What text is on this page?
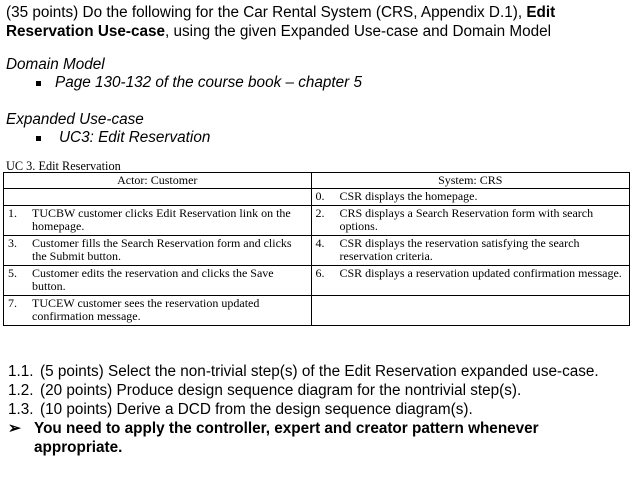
(35 points) Do the following for the Car Rental System (CRS, Appendix D.1), Edit Reservation Use-case, using the given Expanded Use-case and Domain Model
Domain Model
Page 130-132 of the course book – chapter 5
Expanded Use-case
UC3: Edit Reservation
UC 3. Edit Reservation
Actor: Customer	System: CRS

	0. CSR displays the homepage.

1. TUCBW customer clicks Edit Reservation link on the homepage.	2. CRS displays a Search Reservation form with search options.

3. Customer fills the Search Reservation form and clicks the Submit button.	4. CSR displays the reservation satisfying the search reservation criteria.

5. Customer edits the reservation and clicks the Save button.	6. CSR displays a reservation updated confirmation message.

7. TUCEW customer sees the reservation updated confirmation message.	

1.1. (5 points) Select the non-trivial step(s) of the Edit Reservation expanded use-case.
1.2. (20 points) Produce design sequence diagram for the nontrivial step(s).
1.3. (10 points) Derive a DCD from the design sequence diagram(s).
➢ You need to apply the controller, expert and creator pattern whenever appropriate.
